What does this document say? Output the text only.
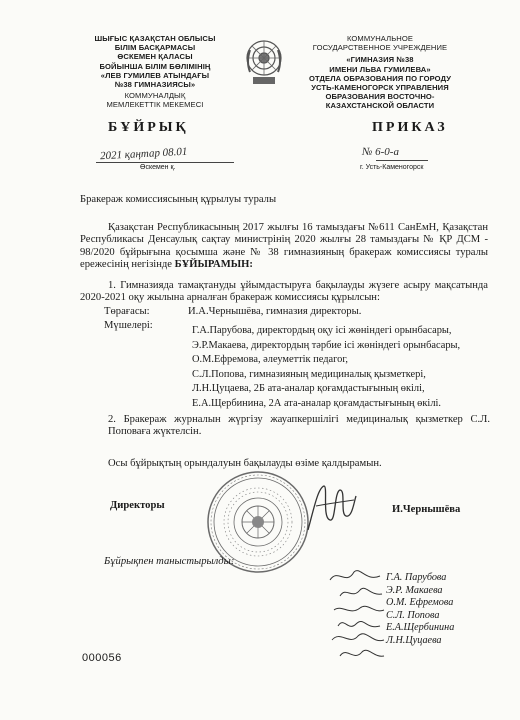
ШЫҒЫС ҚАЗАҚСТАН ОБЛЫСЫ
БІЛІМ БАСҚАРМАСЫ
ӨСКЕМЕН ҚАЛАСЫ
БОЙЫНША БІЛІМ БӨЛІМІНІҢ
«ЛЕВ ГУМИЛЕВ АТЫНДАҒЫ
№38 ГИМНАЗИЯСЫ»
КОММУНАЛДЫҚ
МЕМЛЕКЕТТІК МЕКЕМЕСІ
КОММУНАЛЬНОЕ
ГОСУДАРСТВЕННОЕ УЧРЕЖДЕНИЕ
«ГИМНАЗИЯ №38
ИМЕНИ ЛЬВА ГУМИЛЕВА»
ОТДЕЛА ОБРАЗОВАНИЯ ПО ГОРОДУ
УСТЬ-КАМЕНОГОРСК УПРАВЛЕНИЯ
ОБРАЗОВАНИЯ ВОСТОЧНО-
КАЗАХСТАНСКОЙ ОБЛАСТИ
БҰЙРЫҚ	ПРИКАЗ
2021 қаңтар 08.01
Өскемен қ.
№ 6-0-а
г. Усть-Каменогорск
Бракераж комиссиясының құрылуы туралы
Қазақстан Республикасының 2017 жылғы 16 тамыздағы №611 СанЕмН, Қазақстан Республикасы Денсаулық сақтау министрінің 2020 жылғы 28 тамыздағы № ҚР ДСМ - 98/2020 бұйрығына қосымша және № 38 гимназияның бракераж комиссиясы туралы ережесінің негізінде БҰЙЫРАМЫН:
1. Гимназияда тамақтануды ұйымдастыруға бақылауды жүзеге асыру мақсатында 2020-2021 оқу жылына арналған бракераж комиссиясы құрылсын:
Төрағасы:	И.А.Чернышёва, гимназия директоры.
Мүшелері:	Г.А.Парубова, директордың оқу ісі жөніндегі орынбасары,
Э.Р.Макаева, директордың тәрбие ісі жөніндегі орынбасары,
О.М.Ефремова, әлеуметтік педагог,
С.Л.Попова, гимназияның медициналық қызметкері,
Л.Н.Цуцаева, 2Б ата-аналар қоғамдастығының өкілі,
Е.А.Щербинина, 2А ата-аналар қоғамдастығының өкілі.
2. Бракераж журналын жүргізу жауапкершілігі медициналық қызметкер С.Л. Поповаға жүктелсін.
Осы бұйрықтың орындалуын бақылауды өзіме қалдырамын.
Директоры	И.Чернышёва
Бұйрықпен таныстырылды:
Г.А. Парубова
Э.Р. Макаева
О.М. Ефремова
С.Л. Попова
Е.А.Щербинина
Л.Н.Цуцаева
000056
